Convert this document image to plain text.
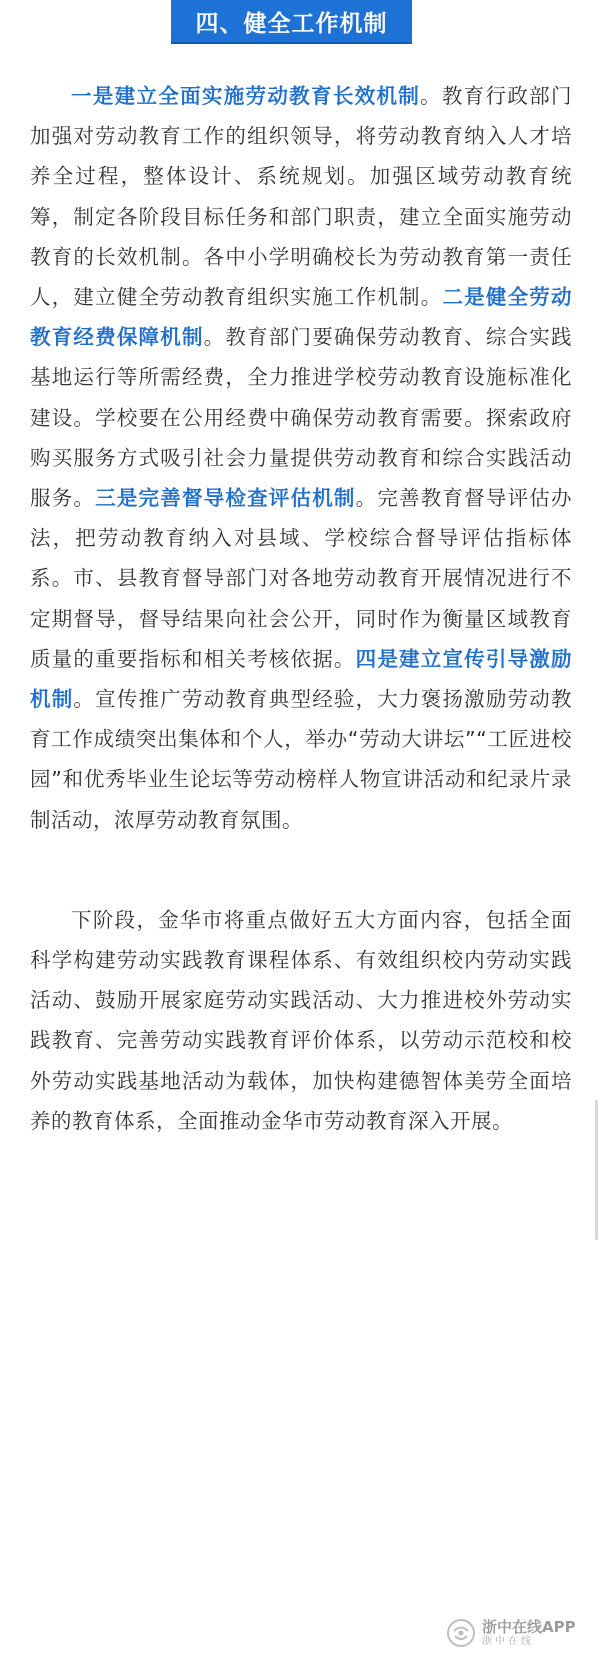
四、健全工作机制

一是建立全面实施劳动教育长效机制。教育行政部门加强对劳动教育工作的组织领导，将劳动教育纳入人才培养全过程，整体设计、系统规划。加强区域劳动教育统筹，制定各阶段目标任务和部门职责，建立全面实施劳动教育的长效机制。各中小学明确校长为劳动教育第一责任人，建立健全劳动教育组织实施工作机制。二是健全劳动教育经费保障机制。教育部门要确保劳动教育、综合实践基地运行等所需经费，全力推进学校劳动教育设施标准化建设。学校要在公用经费中确保劳动教育需要。探索政府购买服务方式吸引社会力量提供劳动教育和综合实践活动服务。三是完善督导检查评估机制。完善教育督导评估办法，把劳动教育纳入对县域、学校综合督导评估指标体系。市、县教育督导部门对各地劳动教育开展情况进行不定期督导，督导结果向社会公开，同时作为衡量区域教育质量的重要指标和相关考核依据。四是建立宣传引导激励机制。宣传推广劳动教育典型经验，大力褒扬激励劳动教育工作成绩突出集体和个人，举办“劳动大讲坛”“工匠进校园”和优秀毕业生论坛等劳动榜样人物宣讲活动和纪录片录制活动，浓厚劳动教育氛围。

下阶段，金华市将重点做好五大方面内容，包括全面科学构建劳动实践教育课程体系、有效组织校内劳动实践活动、鼓励开展家庭劳动实践活动、大力推进校外劳动实践教育、完善劳动实践教育评价体系，以劳动示范校和校外劳动实践基地活动为载体，加快构建德智体美劳全面培养的教育体系，全面推动金华市劳动教育深入开展。

浙中在线APP
浙中在线
